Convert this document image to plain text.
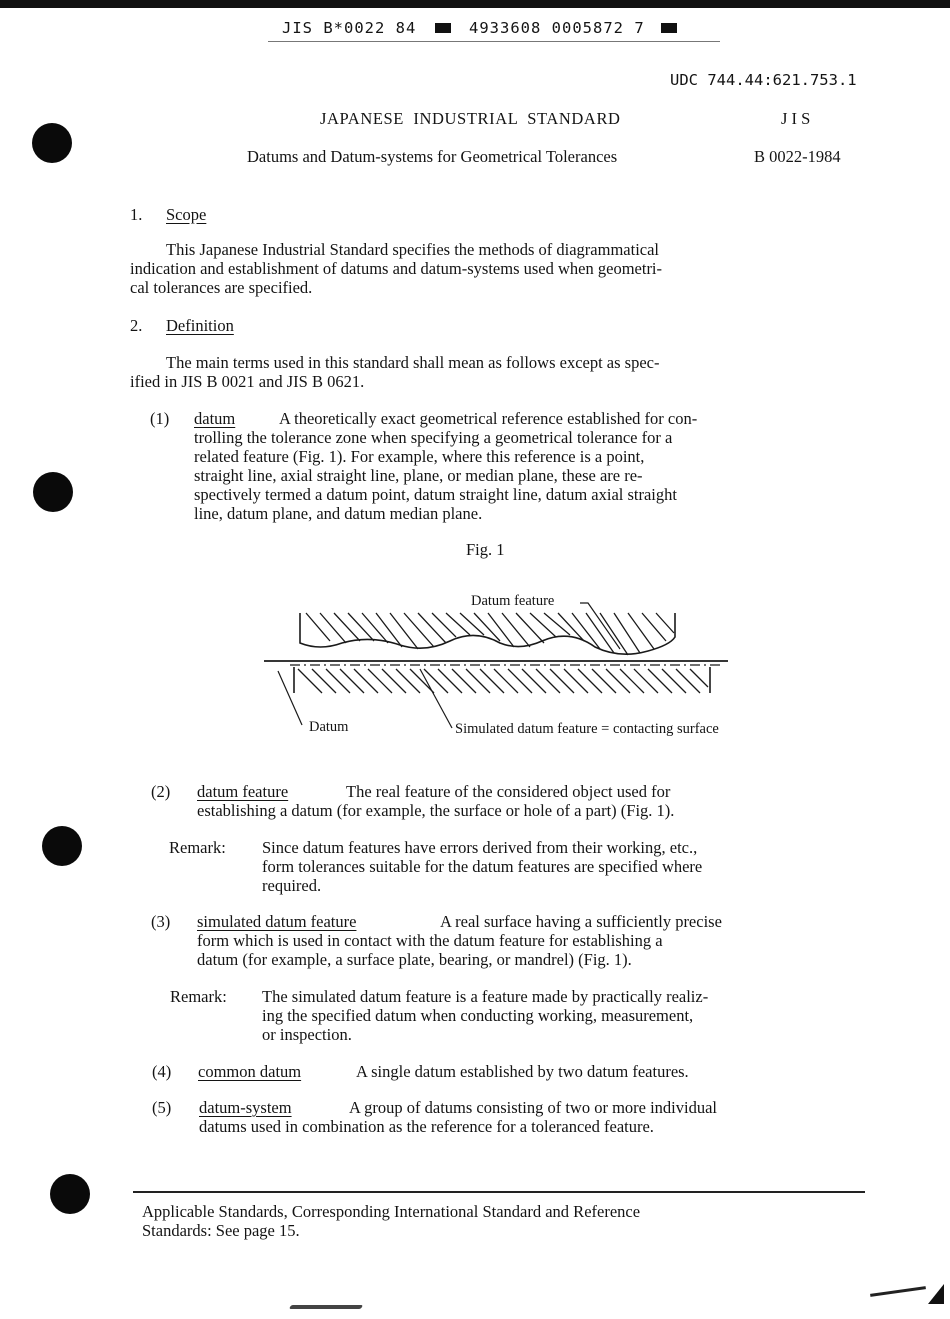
JIS B*0022 84	4933608 0005872 7
UDC 744.44:621.753.1
JAPANESE  INDUSTRIAL  STANDARD	J I S
Datums and Datum-systems for Geometrical Tolerances	B 0022-1984
1. Scope
This Japanese Industrial Standard specifies the methods of diagrammatical
indication and establishment of datums and datum-systems used when geometri-
cal tolerances are specified.
2. Definition
The main terms used in this standard shall mean as follows except as spec-
ified in JIS B 0021 and JIS B 0621.
(1) datum	A theoretically exact geometrical reference established for con-
trolling the tolerance zone when specifying a geometrical tolerance for a
related feature (Fig. 1). For example, where this reference is a point,
straight line, axial straight line, plane, or median plane, these are re-
spectively termed a datum point, datum straight line, datum axial straight
line, datum plane, and datum median plane.
Fig. 1
Datum feature
Datum	Simulated datum feature = contacting surface
(2) datum feature	The real feature of the considered object used for
establishing a datum (for example, the surface or hole of a part) (Fig. 1).
Remark: Since datum features have errors derived from their working, etc.,
form tolerances suitable for the datum features are specified where
required.
(3) simulated datum feature	A real surface having a sufficiently precise
form which is used in contact with the datum feature for establishing a
datum (for example, a surface plate, bearing, or mandrel) (Fig. 1).
Remark: The simulated datum feature is a feature made by practically realiz-
ing the specified datum when conducting working, measurement,
or inspection.
(4) common datum	A single datum established by two datum features.
(5) datum-system	A group of datums consisting of two or more individual
datums used in combination as the reference for a toleranced feature.
Applicable Standards, Corresponding International Standard and Reference
Standards: See page 15.
